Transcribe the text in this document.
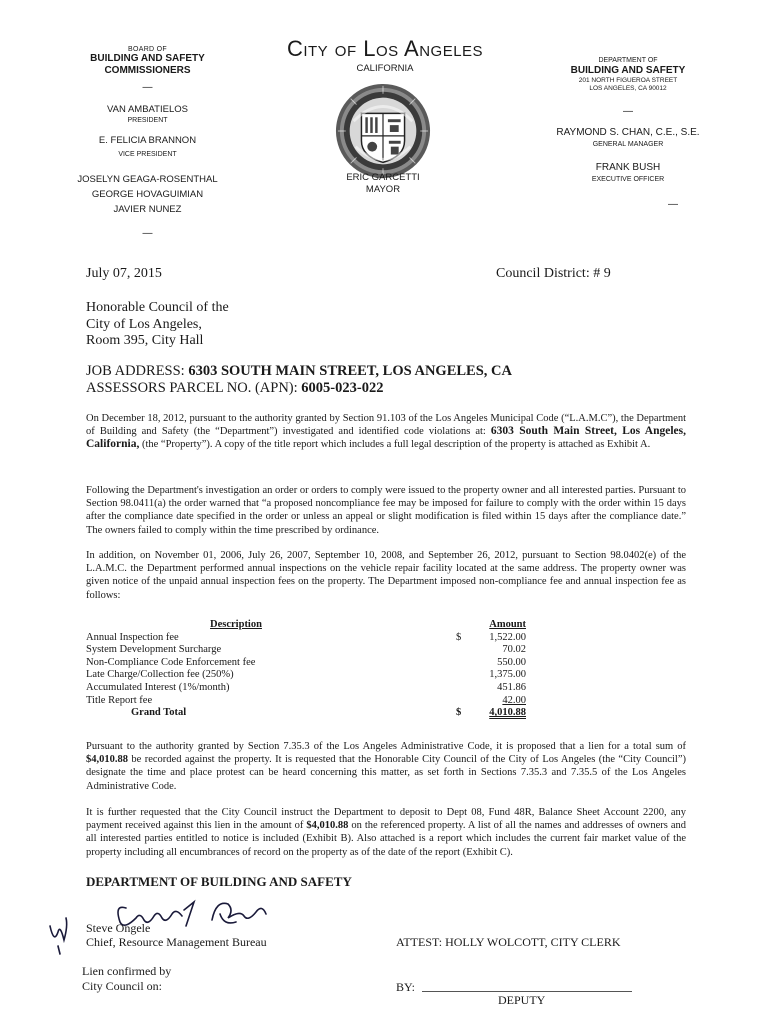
BOARD OF
BUILDING AND SAFETY
COMMISSIONERS
—
VAN AMBATIELOS
PRESIDENT
E. FELICIA BRANNON
VICE PRESIDENT
JOSELYN GEAGA-ROSENTHAL
GEORGE HOVAGUIMIAN
JAVIER NUNEZ
—
City of Los Angeles
CALIFORNIA
ERIC GARCETTI
MAYOR
DEPARTMENT OF
BUILDING AND SAFETY
201 NORTH FIGUEROA STREET
LOS ANGELES, CA 90012
—
RAYMOND S. CHAN, C.E., S.E.
GENERAL MANAGER
FRANK BUSH
EXECUTIVE OFFICER
—
July 07, 2015	Council District: # 9
Honorable Council of the
City of Los Angeles,
Room 395, City Hall
JOB ADDRESS: 6303 SOUTH MAIN STREET, LOS ANGELES, CA
ASSESSORS PARCEL NO. (APN): 6005-023-022
On December 18, 2012, pursuant to the authority granted by Section 91.103 of the Los Angeles Municipal Code (“L.A.M.C”), the Department of Building and Safety (the “Department”) investigated and identified code violations at: 6303 South Main Street, Los Angeles, California, (the “Property”). A copy of the title report which includes a full legal description of the property is attached as Exhibit A.
Following the Department's investigation an order or orders to comply were issued to the property owner and all interested parties. Pursuant to Section 98.0411(a) the order warned that “a proposed noncompliance fee may be imposed for failure to comply with the order within 15 days after the compliance date specified in the order or unless an appeal or slight modification is filed within 15 days after the compliance date.” The owners failed to comply within the time prescribed by ordinance.
In addition, on November 01, 2006, July 26, 2007, September 10, 2008, and September 26, 2012, pursuant to Section 98.0402(e) of the L.A.M.C. the Department performed annual inspections on the vehicle repair facility located at the same address. The property owner was given notice of the unpaid annual inspection fees on the property. The Department imposed non-compliance fee and annual inspection fee as follows:
Description		Amount
Annual Inspection fee	$	1,522.00
System Development Surcharge		70.02
Non-Compliance Code Enforcement fee		550.00
Late Charge/Collection fee (250%)		1,375.00
Accumulated Interest (1%/month)		451.86
Title Report fee		42.00
Grand Total	$	4,010.88
Pursuant to the authority granted by Section 7.35.3 of the Los Angeles Administrative Code, it is proposed that a lien for a total sum of $4,010.88 be recorded against the property. It is requested that the Honorable City Council of the City of Los Angeles (the “City Council”) designate the time and place protest can be heard concerning this matter, as set forth in Sections 7.35.3 and 7.35.5 of the Los Angeles Administrative Code.
It is further requested that the City Council instruct the Department to deposit to Dept 08, Fund 48R, Balance Sheet Account 2200, any payment received against this lien in the amount of $4,010.88 on the referenced property. A list of all the names and addresses of owners and all interested parties entitled to notice is included (Exhibit B). Also attached is a report which includes the current fair market value of the property including all encumbrances of record on the property as of the date of the report (Exhibit C).
DEPARTMENT OF BUILDING AND SAFETY
Steve Ongele
Chief, Resource Management Bureau	ATTEST: HOLLY WOLCOTT, CITY CLERK
Lien confirmed by
City Council on:	BY:
DEPUTY
